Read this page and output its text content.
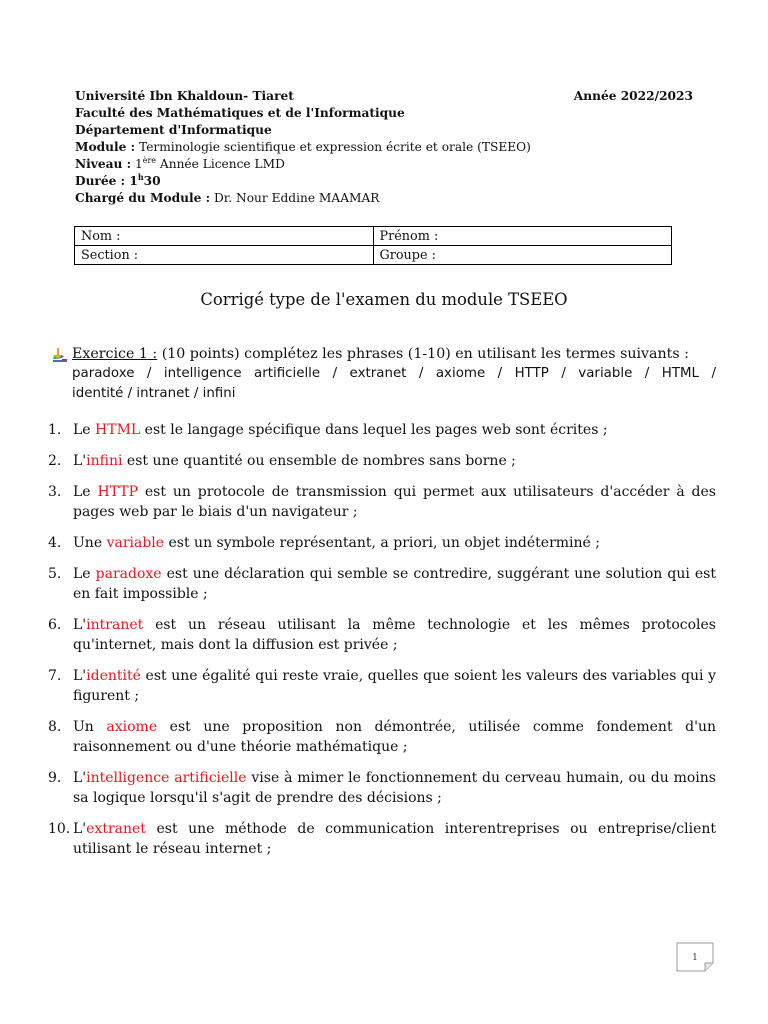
Université Ibn Khaldoun- Tiaret	Année 2022/2023
Faculté des Mathématiques et de l'Informatique
Département d'Informatique
Module : Terminologie scientifique et expression écrite et orale (TSEEO)
Niveau : 1ère Année Licence LMD
Durée : 1$^h$30
Chargé du Module : Dr. Nour Eddine MAAMAR
Nom :	Prénom :
Section :	Groupe :
Corrigé type de l'examen du module TSEEO
Exercice 1 : (10 points) complétez les phrases (1-10) en utilisant les termes suivants :
paradoxe / intelligence artificielle / extranet / axiome / HTTP / variable / HTML /
identité / intranet / infini
1. Le HTML est le langage spécifique dans lequel les pages web sont écrites ;
2. L'infini est une quantité ou ensemble de nombres sans borne ;
3. Le HTTP est un protocole de transmission qui permet aux utilisateurs d'accéder à des pages web par le biais d'un navigateur ;
4. Une variable est un symbole représentant, a priori, un objet indéterminé ;
5. Le paradoxe est une déclaration qui semble se contredire, suggérant une solution qui est en fait impossible ;
6. L'intranet est un réseau utilisant la même technologie et les mêmes protocoles qu'internet, mais dont la diffusion est privée ;
7. L'identité est une égalité qui reste vraie, quelles que soient les valeurs des variables qui y figurent ;
8. Un axiome est une proposition non démontrée, utilisée comme fondement d'un raisonnement ou d'une théorie mathématique ;
9. L'intelligence artificielle vise à mimer le fonctionnement du cerveau humain, ou du moins sa logique lorsqu'il s'agit de prendre des décisions ;
10. L'extranet est une méthode de communication interentreprises ou entreprise/client utilisant le réseau internet ;
1
